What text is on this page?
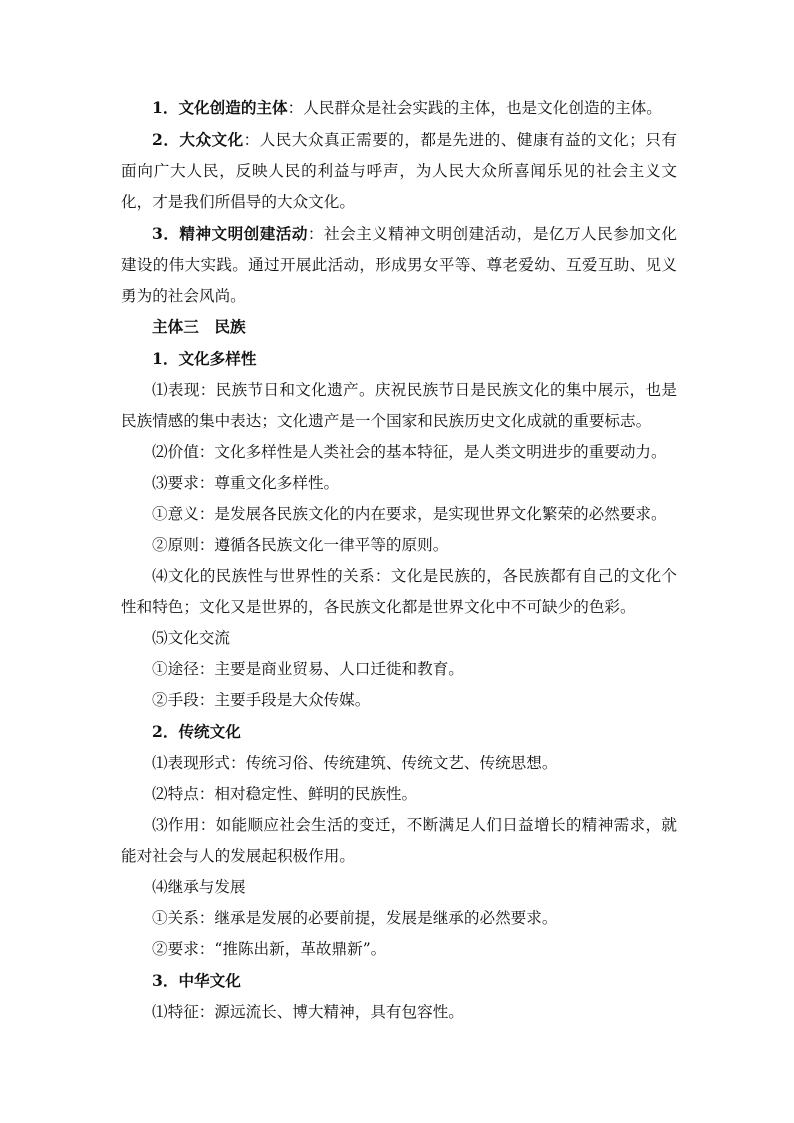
1．文化创造的主体：人民群众是社会实践的主体，也是文化创造的主体。

2．大众文化：人民大众真正需要的，都是先进的、健康有益的文化；只有面向广大人民，反映人民的利益与呼声，为人民大众所喜闻乐见的社会主义文化，才是我们所倡导的大众文化。

3．精神文明创建活动：社会主义精神文明创建活动，是亿万人民参加文化建设的伟大实践。通过开展此活动，形成男女平等、尊老爱幼、互爱互助、见义勇为的社会风尚。

主体三　民族

1．文化多样性

⑴表现：民族节日和文化遗产。庆祝民族节日是民族文化的集中展示，也是民族情感的集中表达；文化遗产是一个国家和民族历史文化成就的重要标志。

⑵价值：文化多样性是人类社会的基本特征，是人类文明进步的重要动力。

⑶要求：尊重文化多样性。

①意义：是发展各民族文化的内在要求，是实现世界文化繁荣的必然要求。

②原则：遵循各民族文化一律平等的原则。

⑷文化的民族性与世界性的关系：文化是民族的，各民族都有自己的文化个性和特色；文化又是世界的，各民族文化都是世界文化中不可缺少的色彩。

⑸文化交流

①途径：主要是商业贸易、人口迁徙和教育。

②手段：主要手段是大众传媒。

2．传统文化

⑴表现形式：传统习俗、传统建筑、传统文艺、传统思想。

⑵特点：相对稳定性、鲜明的民族性。

⑶作用：如能顺应社会生活的变迁，不断满足人们日益增长的精神需求，就能对社会与人的发展起积极作用。

⑷继承与发展

①关系：继承是发展的必要前提，发展是继承的必然要求。

②要求：“推陈出新，革故鼎新”。

3．中华文化

⑴特征：源远流长、博大精神，具有包容性。
